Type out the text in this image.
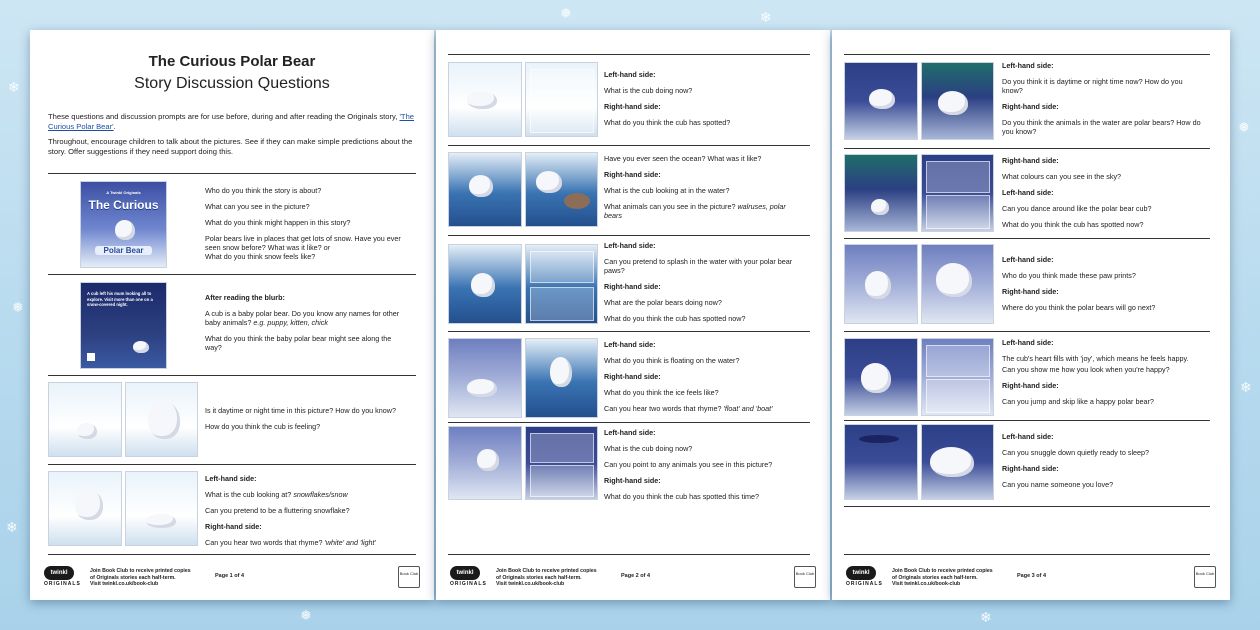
❄
❅
❄
❅
❄
❅	❄
❅	❄
The Curious Polar Bear
Story Discussion Questions
These questions and discussion prompts are for use before, during and after reading the Originals story, 'The Curious Polar Bear'.
Throughout, encourage children to talk about the pictures. See if they can make simple predictions about the story. Offer suggestions if they need support doing this.
A Twinkl Originals
The Curious
Polar Bear
Who do you think the story is about?
What can you see in the picture?
What do you think might happen in this story?
Polar bears live in places that get lots of snow. Have you ever seen snow before? What was it like? or
What do you think snow feels like?
A cub left his mum looking all to explore. Visit more than one on a snow-covered night.
After reading the blurb:
A cub is a baby polar bear. Do you know any names for other baby animals? e.g. puppy, kitten, chick
What do you think the baby polar bear might see along the way?
Is it daytime or night time in this picture? How do you know?
How do you think the cub is feeling?
Left-hand side:
What is the cub looking at? snowflakes/snow
Can you pretend to be a fluttering snowflake?
Right-hand side:
Can you hear two words that rhyme? 'white' and 'light'
twinkl
ORIGINALS
Join Book Club to receive printed copies
of Originals stories each half-term.
Visit twinkl.co.uk/book-club
Page 1 of 4	Book Club
Left-hand side:
What is the cub doing now?
Right-hand side:
What do you think the cub has spotted?
Have you ever seen the ocean? What was it like?
Right-hand side:
What is the cub looking at in the water?
What animals can you see in the picture? walruses, polar bears
Left-hand side:
Can you pretend to splash in the water with your polar bear paws?
Right-hand side:
What are the polar bears doing now?
What do you think the cub has spotted now?
Left-hand side:
What do you think is floating on the water?
Right-hand side:
What do you think the ice feels like?
Can you hear two words that rhyme? 'float' and 'boat'
Left-hand side:
What is the cub doing now?
Can you point to any animals you see in this picture?
Right-hand side:
What do you think the cub has spotted this time?
twinkl
ORIGINALS
Join Book Club to receive printed copies
of Originals stories each half-term.
Visit twinkl.co.uk/book-club
Page 2 of 4	Book Club
Left-hand side:
Do you think it is daytime or night time now? How do you know?
Right-hand side:
Do you think the animals in the water are polar bears? How do you know?
Right-hand side:
What colours can you see in the sky?
Left-hand side:
Can you dance around like the polar bear cub?
What do you think the cub has spotted now?
Left-hand side:
Who do you think made these paw prints?
Right-hand side:
Where do you think the polar bears will go next?
Left-hand side:
The cub's heart fills with 'joy', which means he feels happy.
Can you show me how you look when you're happy?
Right-hand side:
Can you jump and skip like a happy polar bear?
Left-hand side:
Can you snuggle down quietly ready to sleep?
Right-hand side:
Can you name someone you love?
twinkl
ORIGINALS
Join Book Club to receive printed copies
of Originals stories each half-term.
Visit twinkl.co.uk/book-club
Page 3 of 4	Book Club
